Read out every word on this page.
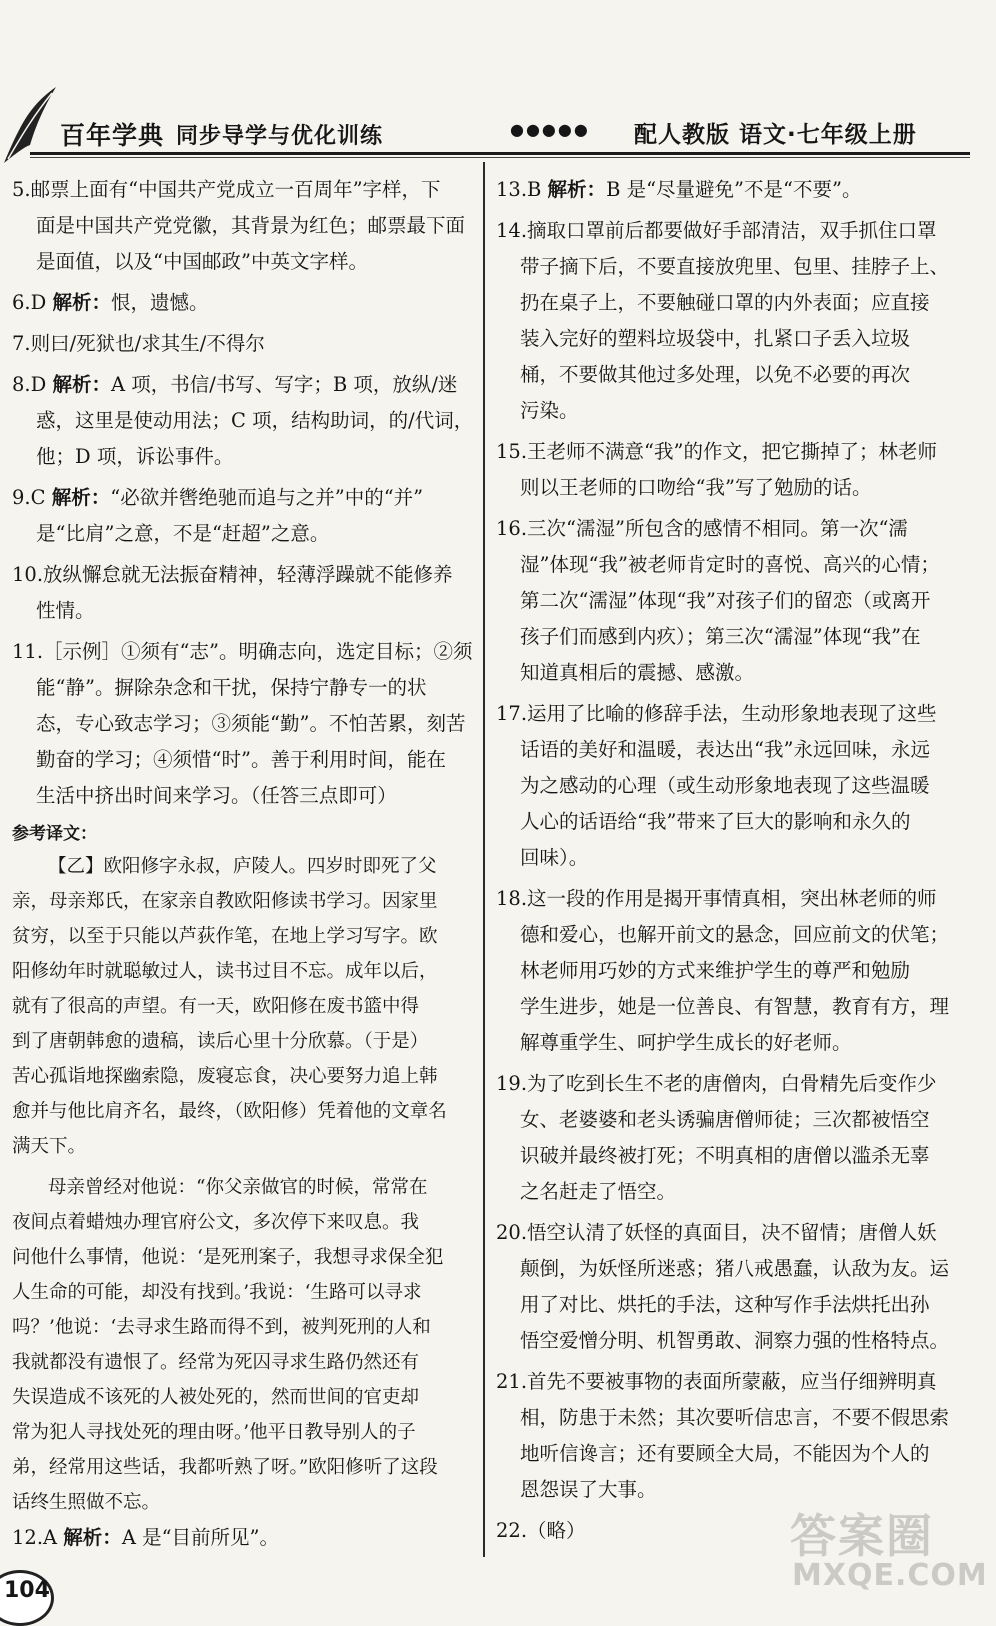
百年学典 同步导学与优化训练	●●●●● 配人教版 语文·七年级上册
5.邮票上面有“中国共产党成立一百周年”字样，下
面是中国共产党党徽，其背景为红色；邮票最下面
是面值，以及“中国邮政”中英文字样。
6.D 解析：恨，遗憾。
7.则曰/死狱也/求其生/不得尔
8.D 解析：A 项，书信/书写、写字；B 项，放纵/迷
惑，这里是使动用法；C 项，结构助词，的/代词，
他；D 项，诉讼事件。
9.C 解析：“必欲并辔绝驰而追与之并”中的“并”
是“比肩”之意，不是“赶超”之意。
10.放纵懈怠就无法振奋精神，轻薄浮躁就不能修养
性情。
11.［示例］①须有“志”。明确志向，选定目标；②须
能“静”。摒除杂念和干扰，保持宁静专一的状
态，专心致志学习；③须能“勤”。不怕苦累，刻苦
勤奋的学习；④须惜“时”。善于利用时间，能在
生活中挤出时间来学习。（任答三点即可）
参考译文：
【乙】欧阳修字永叔，庐陵人。四岁时即死了父
亲，母亲郑氏，在家亲自教欧阳修读书学习。因家里
贫穷，以至于只能以芦荻作笔，在地上学习写字。欧
阳修幼年时就聪敏过人，读书过目不忘。成年以后，
就有了很高的声望。有一天，欧阳修在废书篮中得
到了唐朝韩愈的遗稿，读后心里十分欣慕。（于是）
苦心孤诣地探幽索隐，废寝忘食，决心要努力追上韩
愈并与他比肩齐名，最终，（欧阳修）凭着他的文章名
满天下。
母亲曾经对他说：“你父亲做官的时候，常常在
夜间点着蜡烛办理官府公文，多次停下来叹息。我
问他什么事情，他说：‘是死刑案子，我想寻求保全犯
人生命的可能，却没有找到。’我说：‘生路可以寻求
吗？’他说：‘去寻求生路而得不到，被判死刑的人和
我就都没有遗恨了。经常为死囚寻求生路仍然还有
失误造成不该死的人被处死的，然而世间的官吏却
常为犯人寻找处死的理由呀。’他平日教导别人的子
弟，经常用这些话，我都听熟了呀。”欧阳修听了这段
话终生照做不忘。
12.A 解析：A 是“目前所见”。
13.B 解析：B 是“尽量避免”不是“不要”。
14.摘取口罩前后都要做好手部清洁，双手抓住口罩
带子摘下后，不要直接放兜里、包里、挂脖子上、
扔在桌子上，不要触碰口罩的内外表面；应直接
装入完好的塑料垃圾袋中，扎紧口子丢入垃圾
桶，不要做其他过多处理，以免不必要的再次
污染。
15.王老师不满意“我”的作文，把它撕掉了；林老师
则以王老师的口吻给“我”写了勉励的话。
16.三次“濡湿”所包含的感情不相同。第一次“濡
湿”体现“我”被老师肯定时的喜悦、高兴的心情；
第二次“濡湿”体现“我”对孩子们的留恋（或离开
孩子们而感到内疚）；第三次“濡湿”体现“我”在
知道真相后的震撼、感激。
17.运用了比喻的修辞手法，生动形象地表现了这些
话语的美好和温暖，表达出“我”永远回味，永远
为之感动的心理（或生动形象地表现了这些温暖
人心的话语给“我”带来了巨大的影响和永久的
回味）。
18.这一段的作用是揭开事情真相，突出林老师的师
德和爱心，也解开前文的悬念，回应前文的伏笔；
林老师用巧妙的方式来维护学生的尊严和勉励
学生进步，她是一位善良、有智慧，教育有方，理
解尊重学生、呵护学生成长的好老师。
19.为了吃到长生不老的唐僧肉，白骨精先后变作少
女、老婆婆和老头诱骗唐僧师徒；三次都被悟空
识破并最终被打死；不明真相的唐僧以滥杀无辜
之名赶走了悟空。
20.悟空认清了妖怪的真面目，决不留情；唐僧人妖
颠倒，为妖怪所迷惑；猪八戒愚蠢，认敌为友。运
用了对比、烘托的手法，这种写作手法烘托出孙
悟空爱憎分明、机智勇敢、洞察力强的性格特点。
21.首先不要被事物的表面所蒙蔽，应当仔细辨明真
相，防患于未然；其次要听信忠言，不要不假思索
地听信谗言；还有要顾全大局，不能因为个人的
恩怨误了大事。
22.（略）
104
答案圈
MXQE.COM
